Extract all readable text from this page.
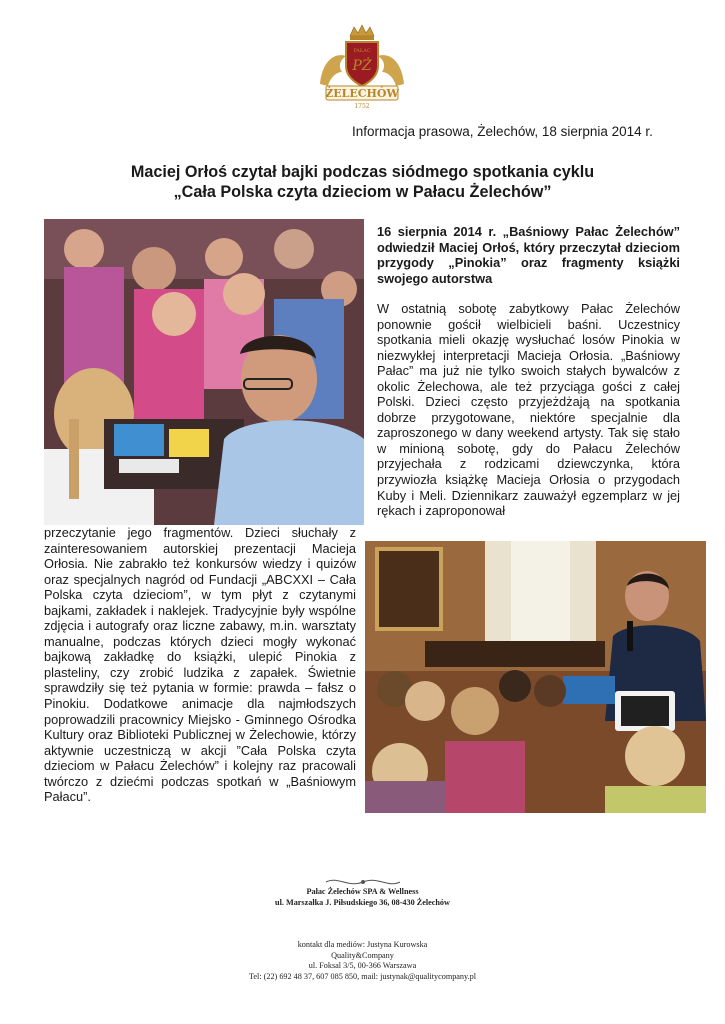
PŻ
PAŁAC
ŻELECHÓW
1752
Informacja prasowa, Żelechów, 18 sierpnia 2014 r.
Maciej Orłoś czytał bajki podczas siódmego spotkania cyklu
„Cała Polska czyta dzieciom w Pałacu Żelechów”
16 sierpnia 2014 r. „Baśniowy Pałac Żelechów” odwiedził Maciej Orłoś, który przeczytał dzieciom przygody „Pinokia” oraz fragmenty książki swojego autorstwa
W ostatnią sobotę zabytkowy Pałac Żelechów ponownie gościł wielbicieli baśni. Uczestnicy spotkania mieli okazję wysłuchać losów Pinokia w niezwykłej interpretacji Macieja Orłosia. „Baśniowy Pałac” ma już nie tylko swoich stałych bywalców z okolic Żelechowa, ale też przyciąga gości z całej Polski. Dzieci często przyjeżdżają na spotkania dobrze przygotowane, niektóre specjalnie dla zaproszonego w dany weekend artysty. Tak się stało w minioną sobotę, gdy do Pałacu Żelechów przyjechała z rodzicami dziewczynka, która przywiozła książkę Macieja Orłosia o przygodach Kuby i Meli. Dziennikarz zauważył egzemplarz w jej rękach i zaproponował
przeczytanie jego fragmentów. Dzieci słuchały z zainteresowaniem autorskiej prezentacji Macieja Orłosia. Nie zabrakło też konkursów wiedzy i quizów oraz specjalnych nagród od Fundacji „ABCXXI – Cała Polska czyta dzieciom”, w tym płyt z czytanymi bajkami, zakładek i naklejek. Tradycyjnie były wspólne zdjęcia i autografy oraz liczne zabawy, m.in. warsztaty manualne, podczas których dzieci mogły wykonać bajkową zakładkę do książki, ulepić Pinokia z plasteliny, czy zrobić ludzika z zapałek. Świetnie sprawdziły się też pytania w formie: prawda – fałsz o Pinokiu. Dodatkowe animacje dla najmłodszych poprowadzili pracownicy Miejsko - Gminnego Ośrodka Kultury oraz Biblioteki Publicznej w Żelechowie, którzy aktywnie uczestniczą w akcji ”Cała Polska czyta dzieciom w Pałacu Żelechów” i kolejny raz pracowali twórczo z dziećmi podczas spotkań w „Baśniowym Pałacu”.
Pałac Żelechów SPA & Wellness
ul. Marszałka J. Piłsudskiego 36, 08-430 Żelechów
kontakt dla mediów: Justyna Kurowska
Quality&Company
ul. Foksal 3/5, 00-366 Warszawa
Tel: (22) 692 48 37, 607 085 850, mail: justynak@qualitycompany.pl
